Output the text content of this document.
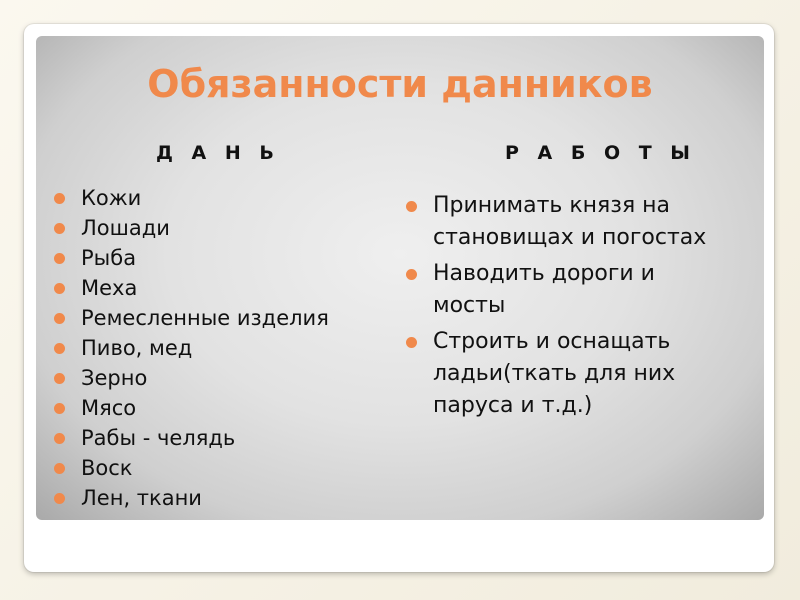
Обязанности данников
Д А Н Ь	Р А Б О Т Ы
Кожи
Лошади
Рыба
Меха
Ремесленные изделия
Пиво, мед
Зерно
Мясо
Рабы - челядь
Воск
Лен, ткани
Принимать князя на становищах и погостах
Наводить дороги и мосты
Строить и оснащать ладьи(ткать для них паруса и т.д.)
